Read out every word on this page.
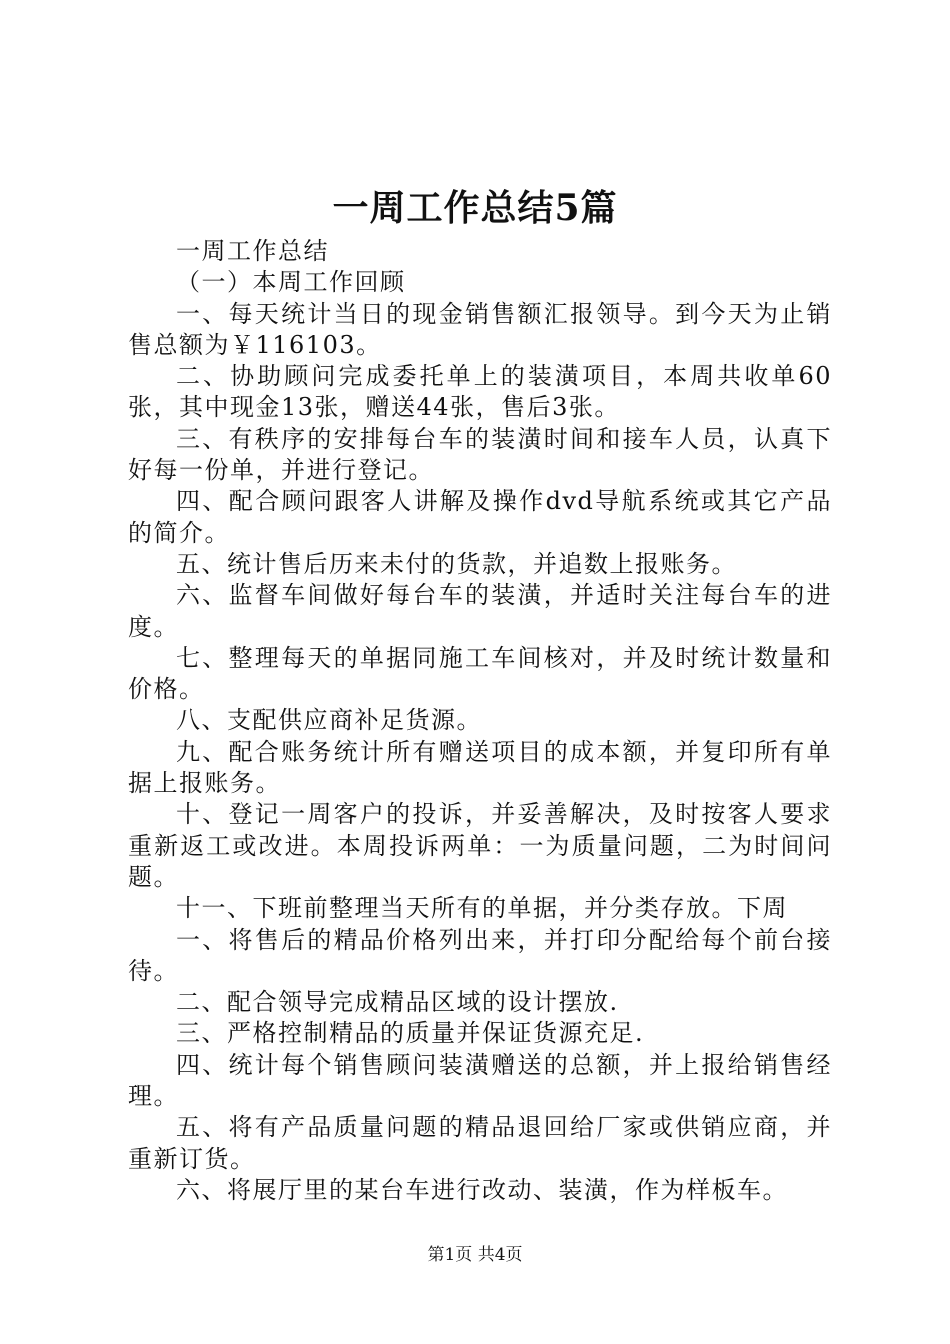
一周工作总结5篇

一周工作总结

（一）本周工作回顾

一、每天统计当日的现金销售额汇报领导。到今天为止销售总额为￥116103。

二、协助顾问完成委托单上的装潢项目，本周共收单60张，其中现金13张，赠送44张，售后3张。

三、有秩序的安排每台车的装潢时间和接车人员，认真下好每一份单，并进行登记。

四、配合顾问跟客人讲解及操作dvd导航系统或其它产品的简介。

五、统计售后历来未付的货款，并追数上报账务。

六、监督车间做好每台车的装潢，并适时关注每台车的进度。

七、整理每天的单据同施工车间核对，并及时统计数量和价格。

八、支配供应商补足货源。

九、配合账务统计所有赠送项目的成本额，并复印所有单据上报账务。

十、登记一周客户的投诉，并妥善解决，及时按客人要求重新返工或改进。本周投诉两单：一为质量问题，二为时间问题。

十一、下班前整理当天所有的单据，并分类存放。下周

一、将售后的精品价格列出来，并打印分配给每个前台接待。

二、配合领导完成精品区域的设计摆放.

三、严格控制精品的质量并保证货源充足.

四、统计每个销售顾问装潢赠送的总额，并上报给销售经理。

五、将有产品质量问题的精品退回给厂家或供销应商，并重新订货。

六、将展厅里的某台车进行改动、装潢，作为样板车。

第1页 共4页
